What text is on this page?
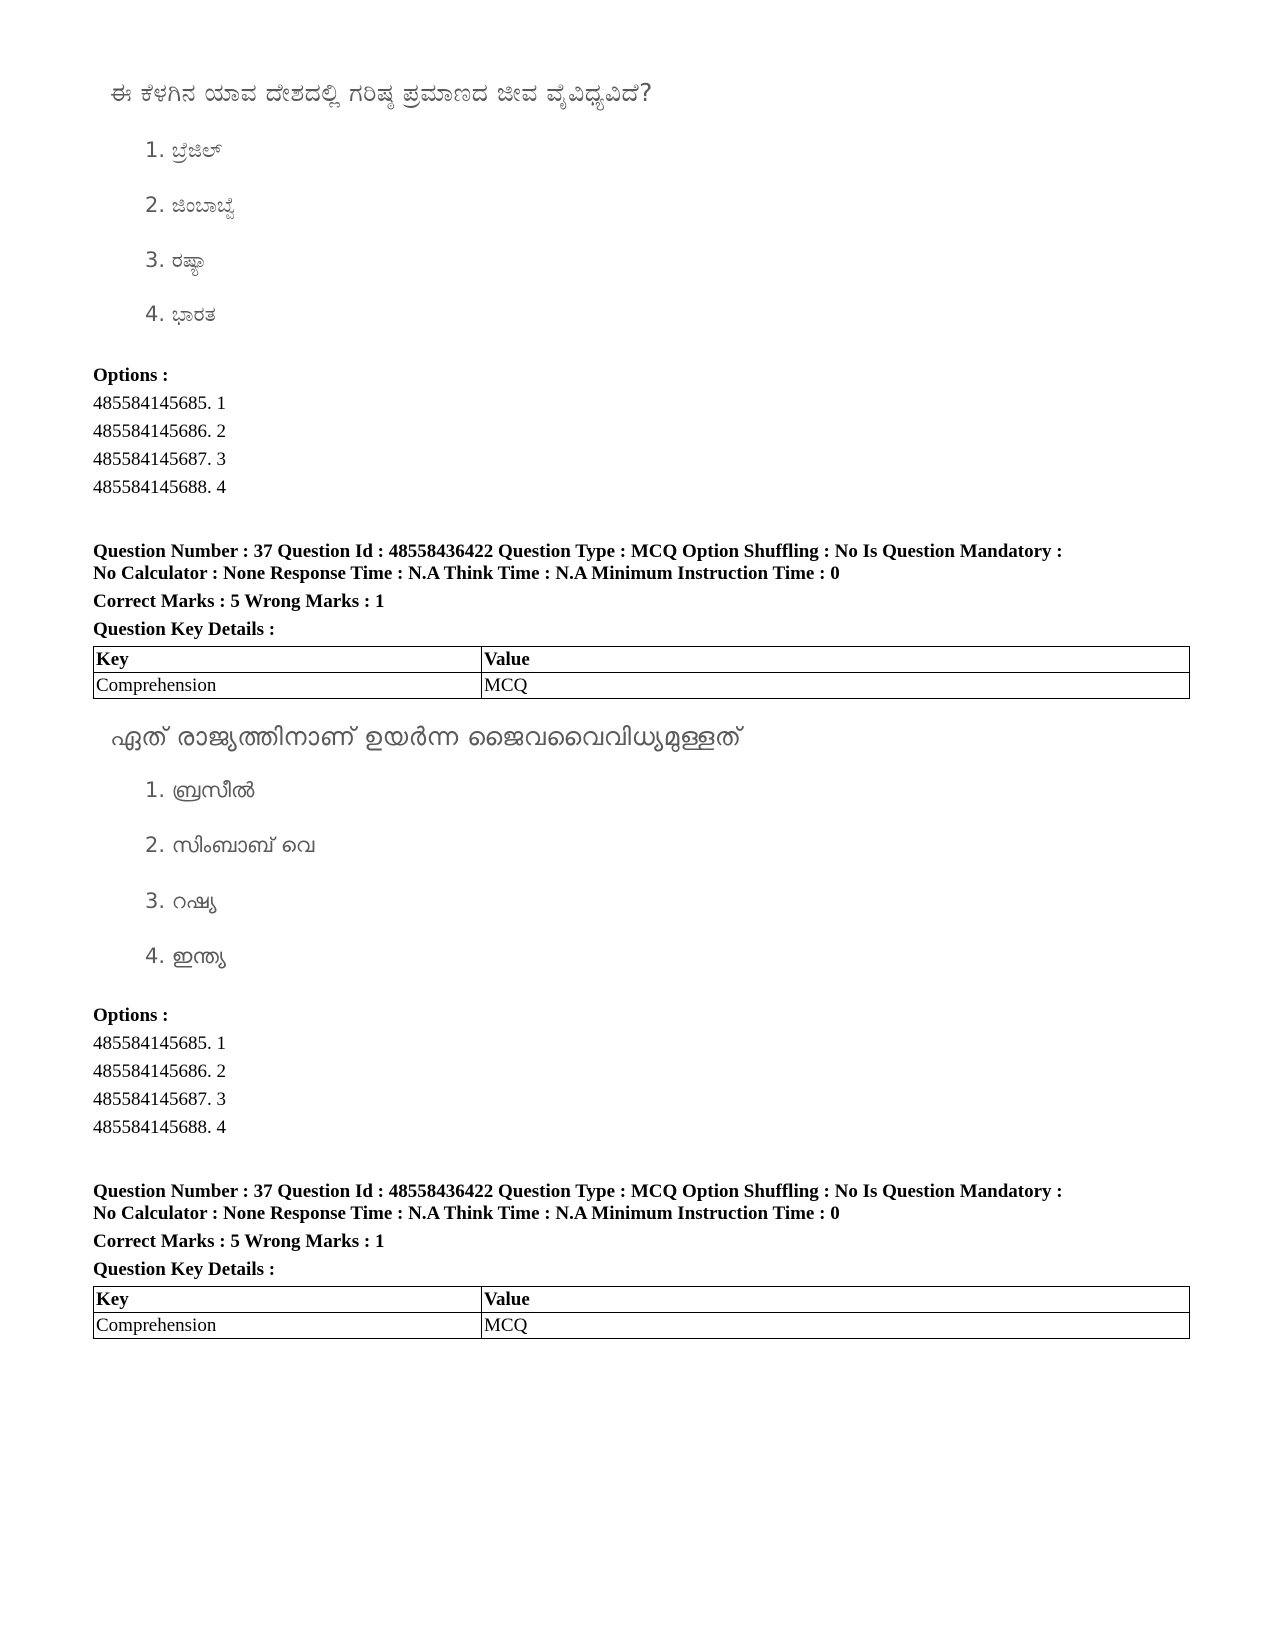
ಈ ಕೆಳಗಿನ ಯಾವ ದೇಶದಲ್ಲಿ ಗರಿಷ್ಠ ಪ್ರಮಾಣದ ಜೀವ ವೈವಿಧ್ಯವಿದೆ?
1. ಬ್ರೆಜಿಲ್
2. ಜಿಂಬಾಬ್ವೆ
3. ರಷ್ಯಾ
4. ಭಾರತ
Options :
485584145685. 1
485584145686. 2
485584145687. 3
485584145688. 4
Question Number : 37 Question Id : 48558436422 Question Type : MCQ Option Shuffling : No Is Question Mandatory :
No Calculator : None Response Time : N.A Think Time : N.A Minimum Instruction Time : 0
Correct Marks : 5 Wrong Marks : 1
Question Key Details :
Key	Value
Comprehension	MCQ
ഏത് രാജ്യത്തിനാണ് ഉയർന്ന ജൈവവൈവിധ്യമുള്ളത്
1. ബ്രസീൽ
2. സിംബാബ് വെ
3. റഷ്യ
4. ഇന്ത്യ
Options :
485584145685. 1
485584145686. 2
485584145687. 3
485584145688. 4
Question Number : 37 Question Id : 48558436422 Question Type : MCQ Option Shuffling : No Is Question Mandatory :
No Calculator : None Response Time : N.A Think Time : N.A Minimum Instruction Time : 0
Correct Marks : 5 Wrong Marks : 1
Question Key Details :
Key	Value
Comprehension	MCQ
